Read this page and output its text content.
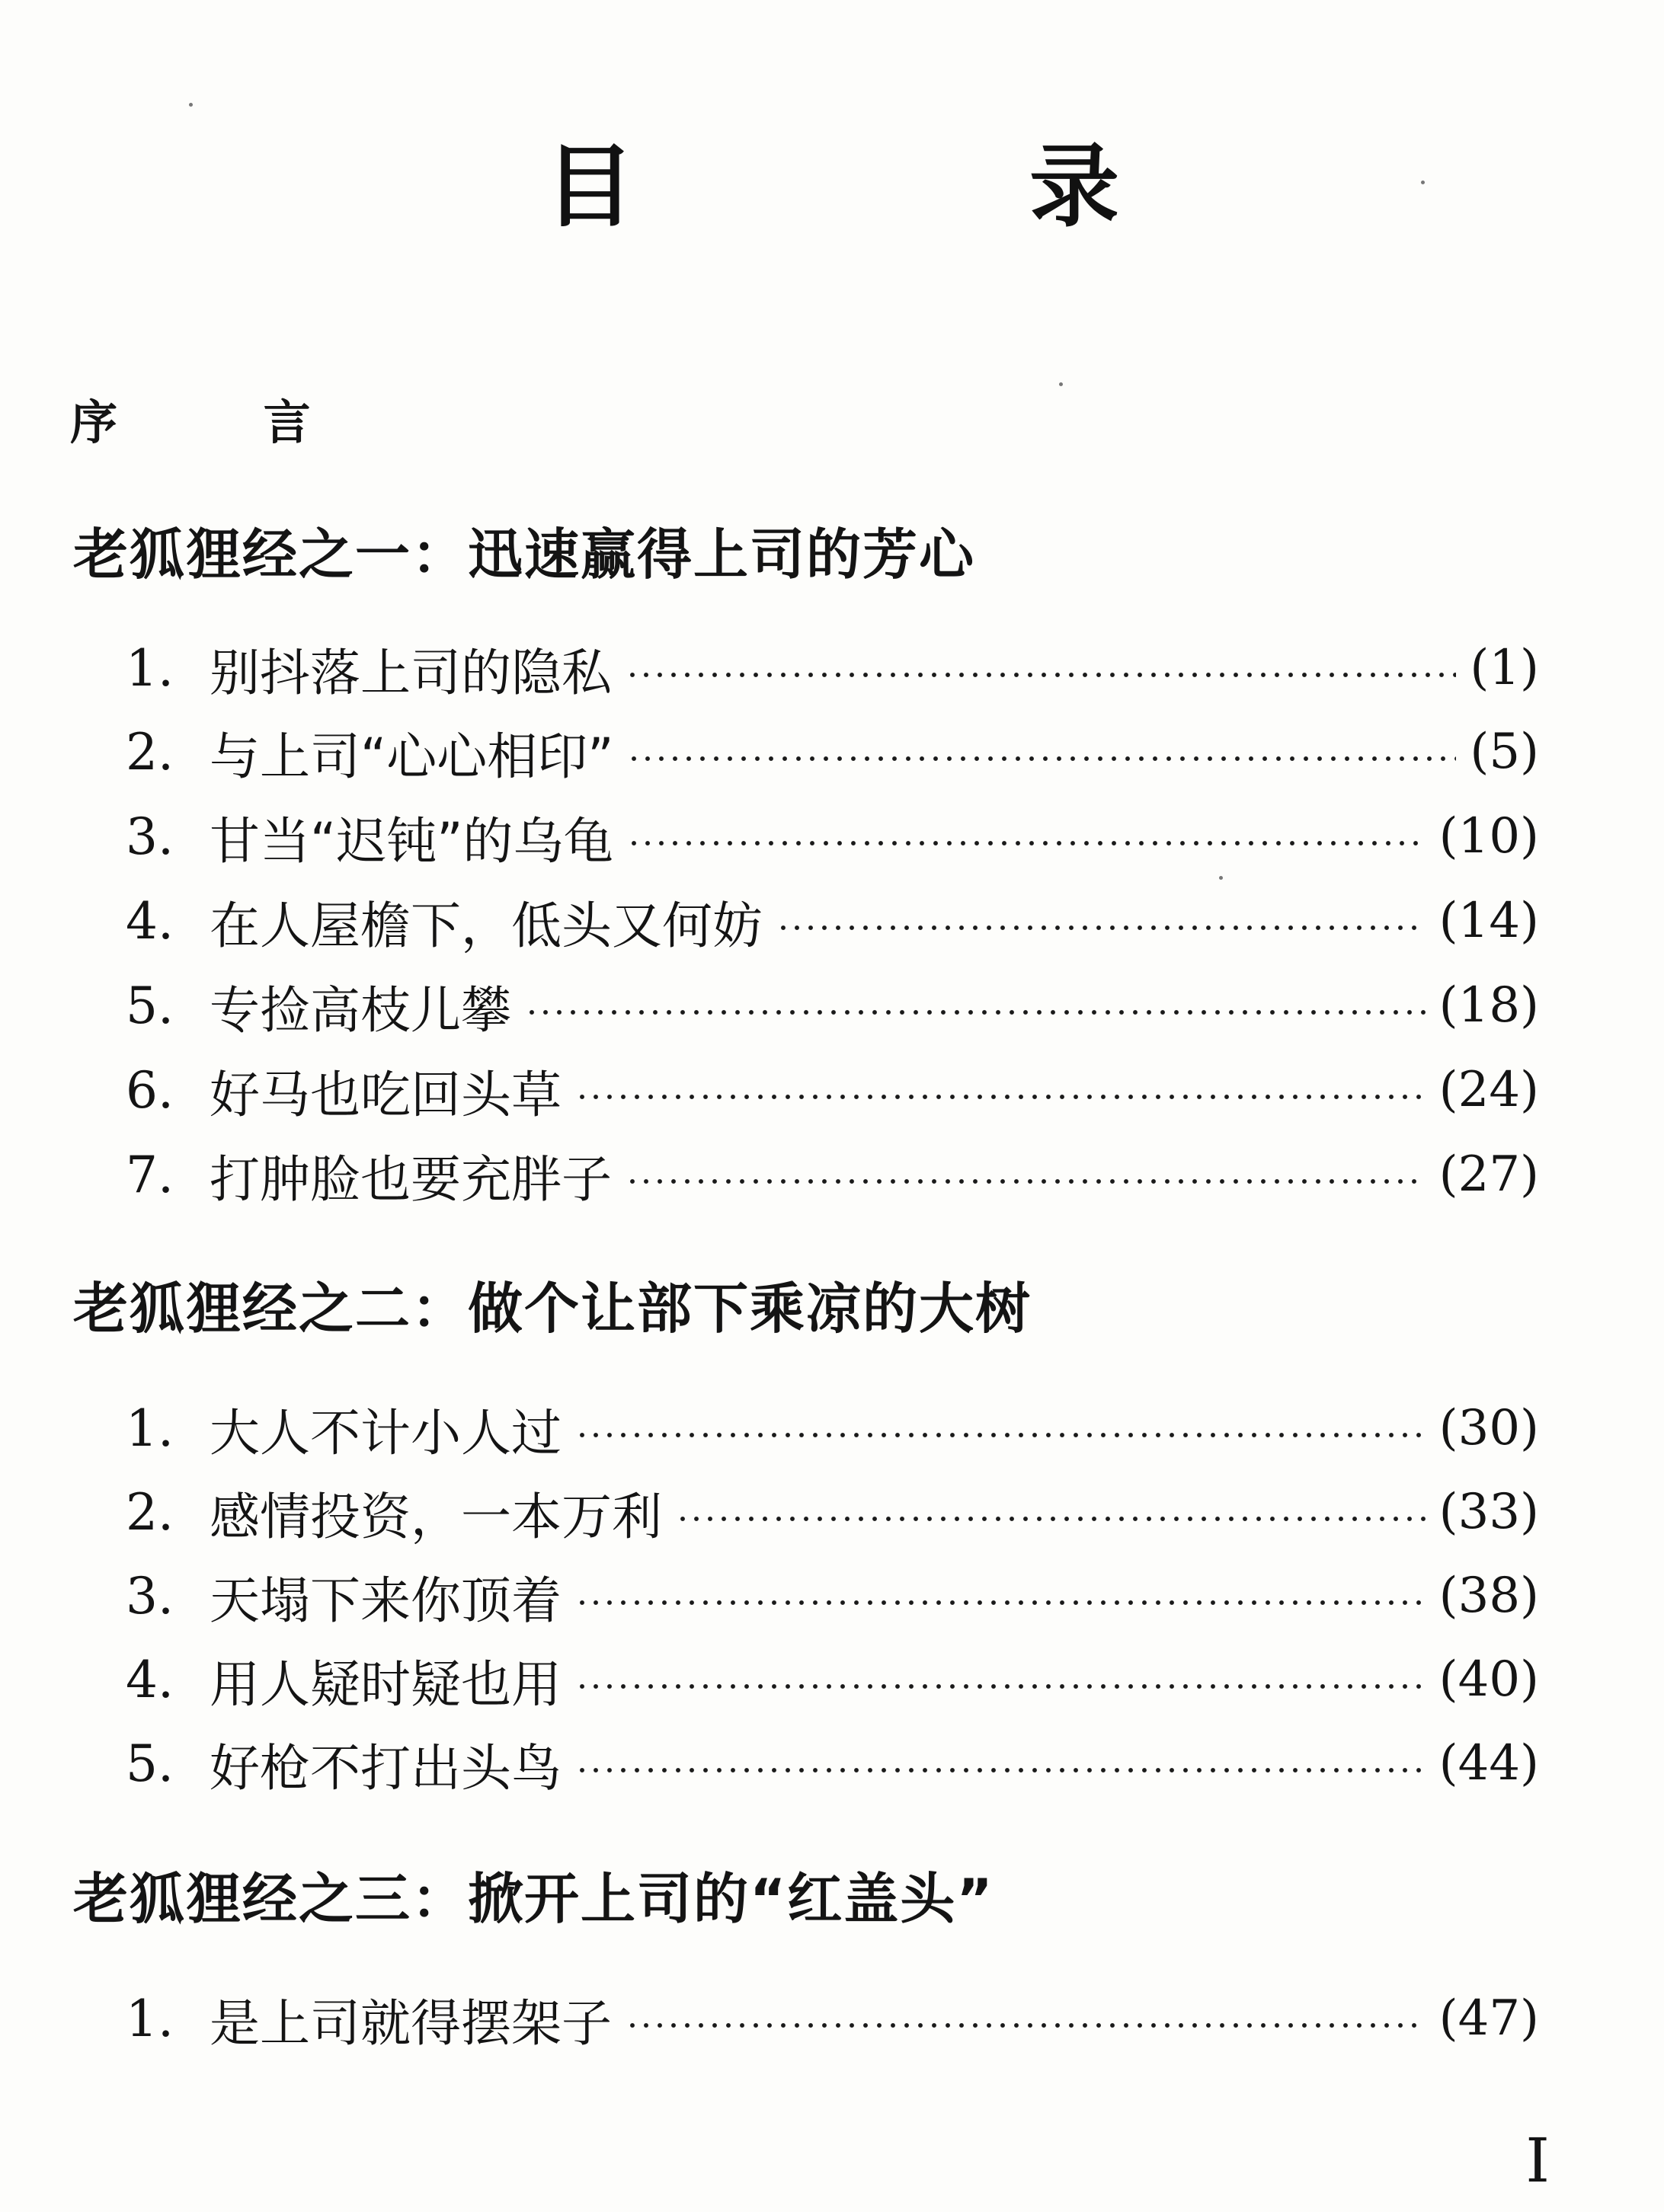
目　录
序 言
老狐狸经之一：迅速赢得上司的芳心
1. 别抖落上司的隐私	(1)
2. 与上司“心心相印”	(5)
3. 甘当“迟钝”的乌龟	(10)
4. 在人屋檐下，低头又何妨	(14)
5. 专捡高枝儿攀	(18)
6. 好马也吃回头草	(24)
7. 打肿脸也要充胖子	(27)
老狐狸经之二：做个让部下乘凉的大树
1. 大人不计小人过	(30)
2. 感情投资，一本万利	(33)
3. 天塌下来你顶着	(38)
4. 用人疑时疑也用	(40)
5. 好枪不打出头鸟	(44)
老狐狸经之三：掀开上司的“红盖头”
1. 是上司就得摆架子	(47)
I
